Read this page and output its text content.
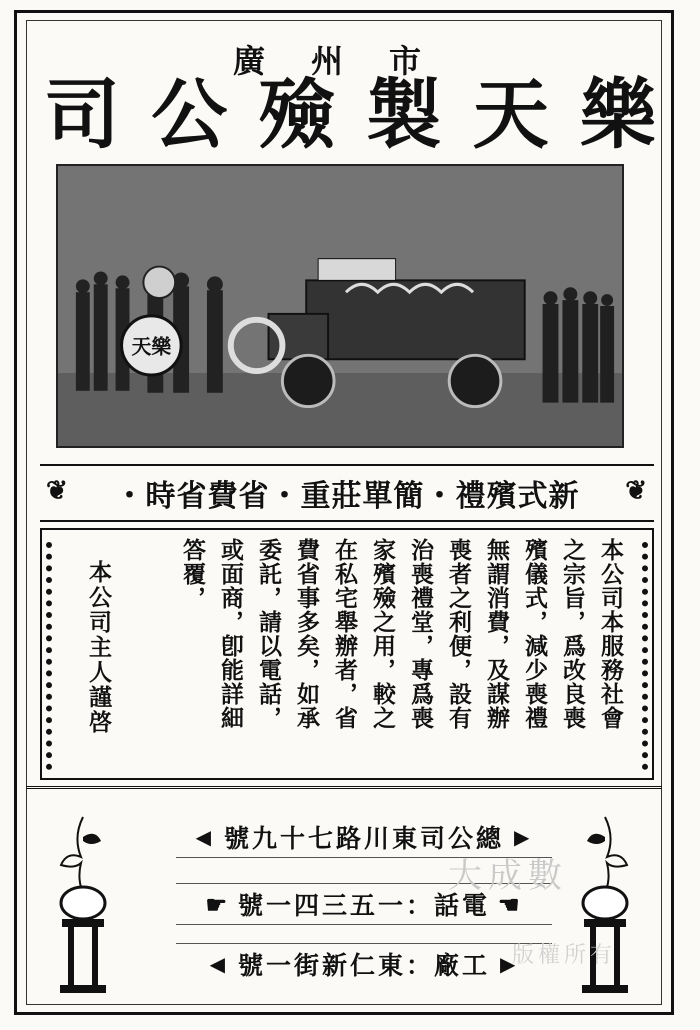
廣州市
司 公 殮 製 天 樂
天樂
❦ 新式殯禮・簡單莊重・省費省時・ ❦
本公司本服務社會
之宗旨，爲改良喪
殯儀式，減少喪禮
無謂消費，及謀辦
喪者之利便，設有
治喪禮堂，專爲喪
家殯殮之用，較之
在私宅舉辦者，省
費省事多矣，如承
委託，請以電話，
或面商，卽能詳細
答覆，
本公司主人謹啓
◀ 總公司東川路七十九號 ▶
☛ 電話：一五三四一號 ☚
◀ 工廠：東仁新街一號 ▶
大成數
版權所有
